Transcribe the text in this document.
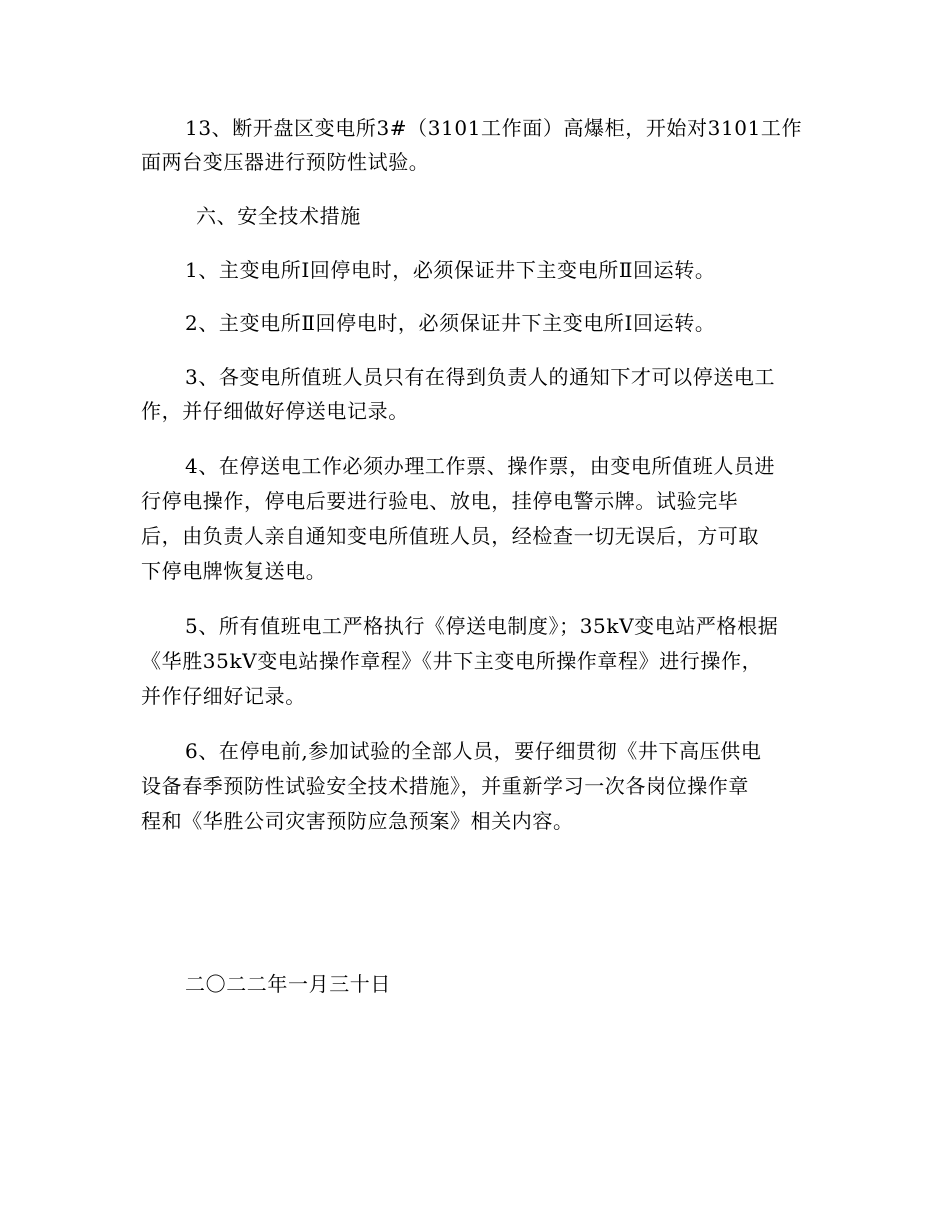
13、断开盘区变电所3#（3101工作面）高爆柜，开始对3101工作
面两台变压器进行预防性试验。
六、安全技术措施
1、主变电所Ⅰ回停电时，必须保证井下主变电所Ⅱ回运转。
2、主变电所Ⅱ回停电时，必须保证井下主变电所Ⅰ回运转。
3、各变电所值班人员只有在得到负责人的通知下才可以停送电工
作，并仔细做好停送电记录。
4、在停送电工作必须办理工作票、操作票，由变电所值班人员进
行停电操作，停电后要进行验电、放电，挂停电警示牌。试验完毕
后，由负责人亲自通知变电所值班人员，经检查一切无误后，方可取
下停电牌恢复送电。
5、所有值班电工严格执行《停送电制度》；35kV变电站严格根据
《华胜35kV变电站操作章程》《井下主变电所操作章程》进行操作，
并作仔细好记录。
6、在停电前,参加试验的全部人员，要仔细贯彻《井下高压供电
设备春季预防性试验安全技术措施》，并重新学习一次各岗位操作章
程和《华胜公司灾害预防应急预案》相关内容。
二〇二二年一月三十日
